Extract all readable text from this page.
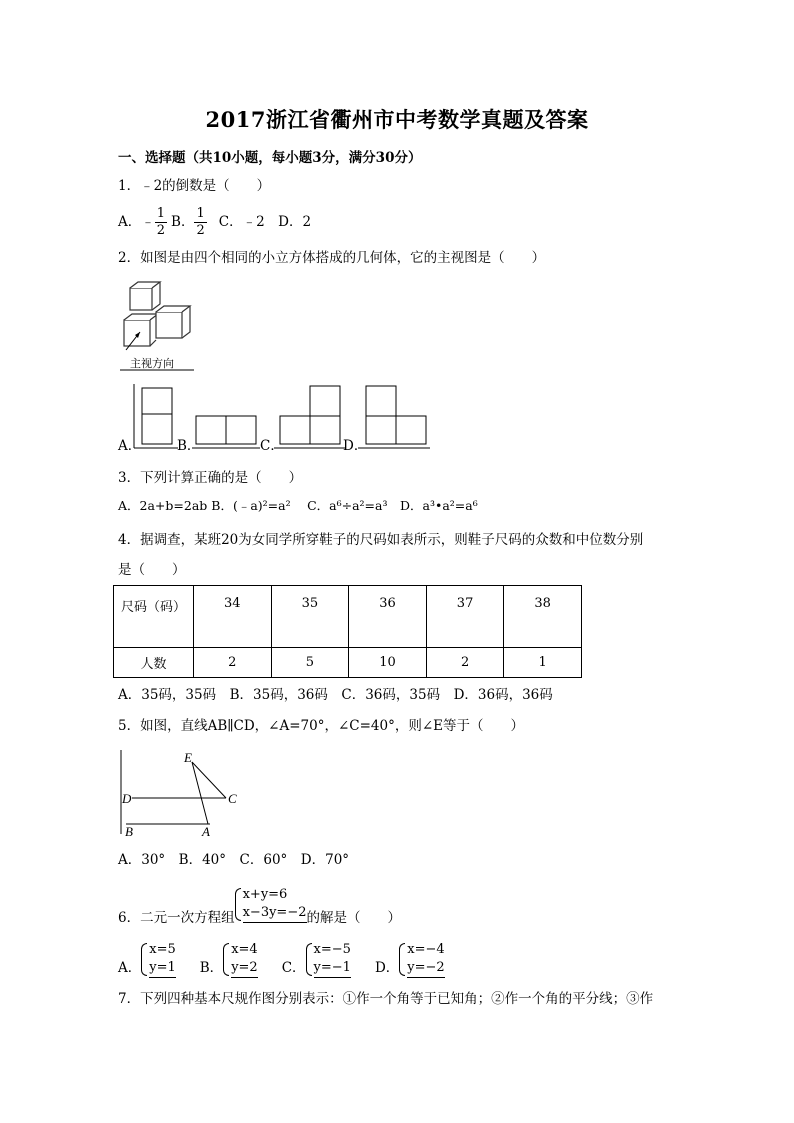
2017浙江省衢州市中考数学真题及答案
一、选择题（共10小题，每小题3分，满分30分）
1．﹣2的倒数是（　　）
A．﹣ $\frac{1}{2}$ B． $\frac{1}{2}$ C．﹣2　D．2
2．如图是由四个相同的小立方体搭成的几何体，它的主视图是（　　）
主视方向
A．	B．	C．	D．
3．下列计算正确的是（　　）
A．2a+b=2ab B．(﹣a)²=a²　 C．a⁶÷a²=a³　D．a³•a²=a⁶
4．据调查，某班20为女同学所穿鞋子的尺码如表所示，则鞋子尺码的众数和中位数分别
是（　　）
尺码（码）	34	35	36	37	38
人数	2	5	10	2	1
A．35码，35码　B．35码，36码　C．36码，35码　D．36码，36码
5．如图，直线AB∥CD，∠A=70°，∠C=40°，则∠E等于（　　）
E
D	C
B	A
A．30°　B．40°　C．60°　D．70°
6．二元一次方程组
x+y=6
x−3y=−2 的解是（　　）
A．
x=5
y=1 B．
x=4
y=2 C．
x=−5
y=−1 D．
x=−4
y=−2
7．下列四种基本尺规作图分别表示：①作一个角等于已知角；②作一个角的平分线；③作
